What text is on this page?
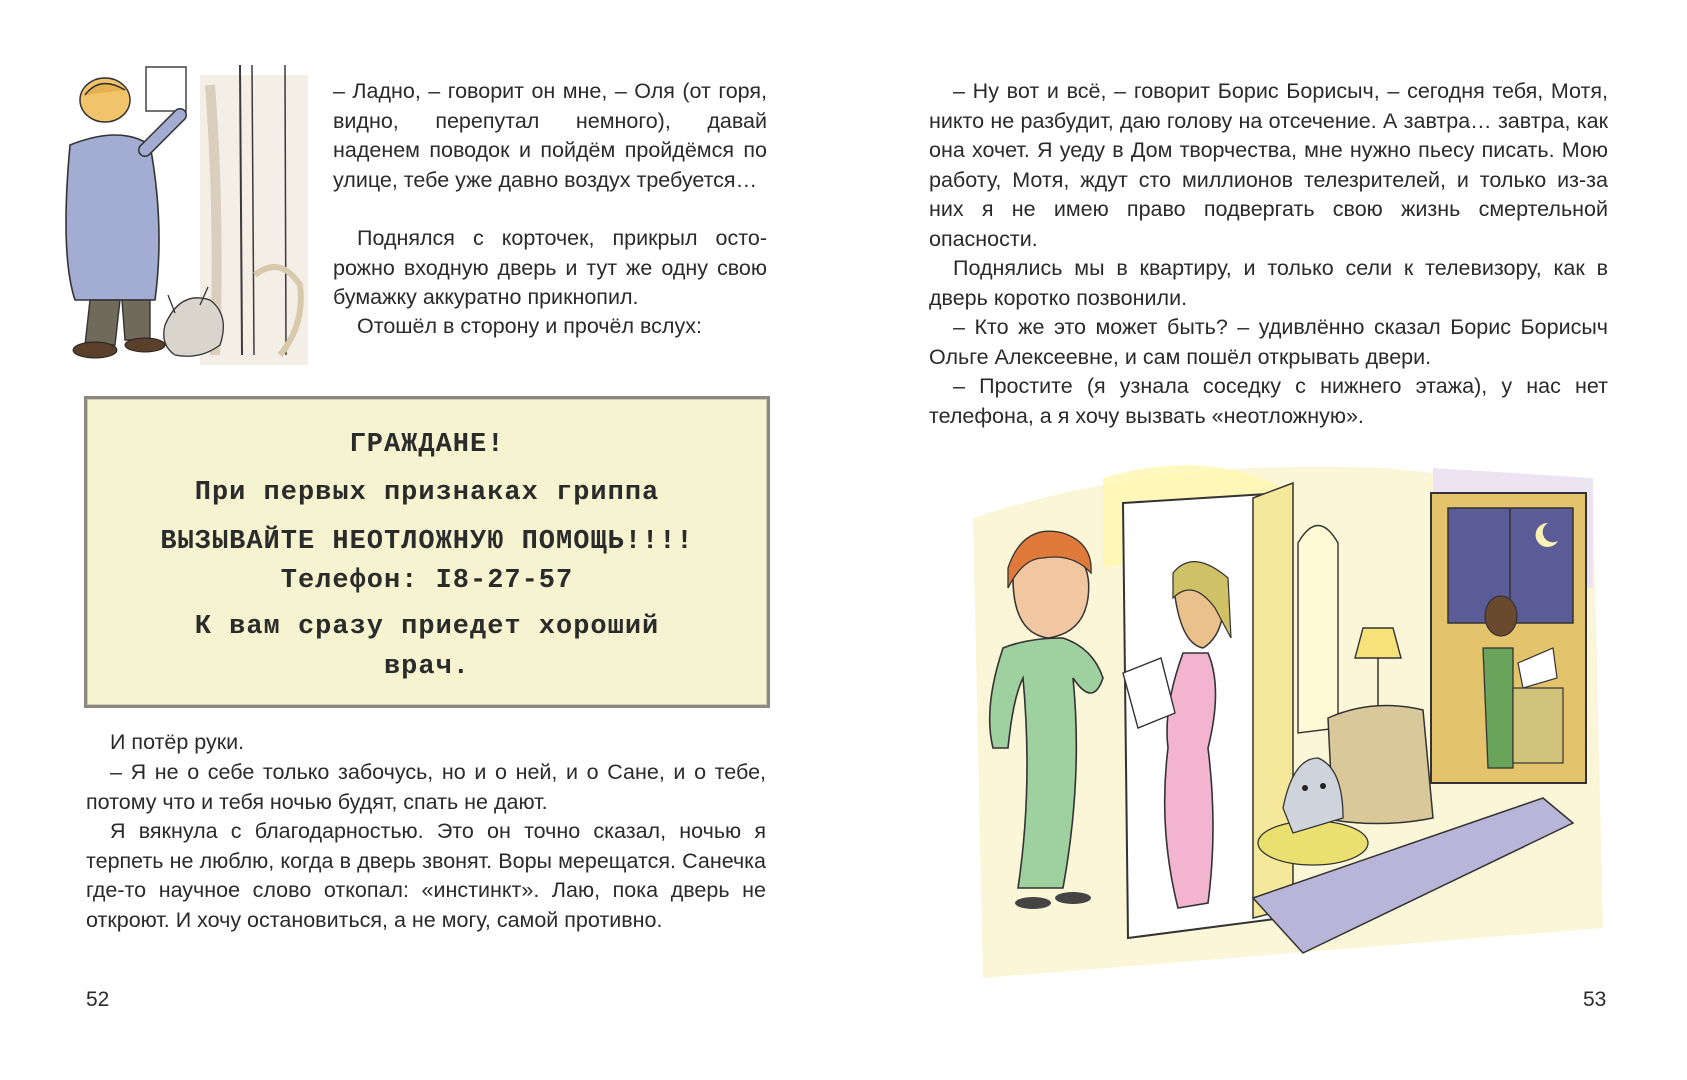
– Ладно, – говорит он мне, – Оля (от горя, видно, перепутал немного), давай наденем поводок и пойдём пройдёмся по улице, тебе уже давно воздух требуется…

Поднялся с корточек, прикрыл осторожно входную дверь и тут же одну свою бумажку аккуратно прикнопил.

Отошёл в сторону и прочёл вслух:

ГРАЖДАНЕ!
При первых признаках гриппа
ВЫЗЫВАЙТЕ НЕОТЛОЖНУЮ ПОМОЩЬ!!!!
Телефон: I8-27-57
К вам сразу приедет хороший
врач.

И потёр руки.

– Я не о себе только забочусь, но и о ней, и о Сане, и о тебе, потому что и тебя ночью будят, спать не дают.

Я вякнула с благодарностью. Это он точно сказал, ночью я терпеть не люблю, когда в дверь звонят. Воры мерещатся. Санечка где-то научное слово откопал: «инстинкт». Лаю, пока дверь не откроют. И хочу остановиться, а не могу, самой противно.

52

– Ну вот и всё, – говорит Борис Борисыч, – сегодня тебя, Мотя, никто не разбудит, даю голову на отсечение. А завтра… завтра, как она хочет. Я уеду в Дом творчества, мне нужно пьесу писать. Мою работу, Мотя, ждут сто миллионов телезрителей, и только из-за них я не имею право подвергать свою жизнь смертельной опасности.

Поднялись мы в квартиру, и только сели к телевизору, как в дверь коротко позвонили.

– Кто же это может быть? – удивлённо сказал Борис Борисыч Ольге Алексеевне, и сам пошёл открывать двери.

– Простите (я узнала соседку с нижнего этажа), у нас нет телефона, а я хочу вызвать «неотложную».

53
